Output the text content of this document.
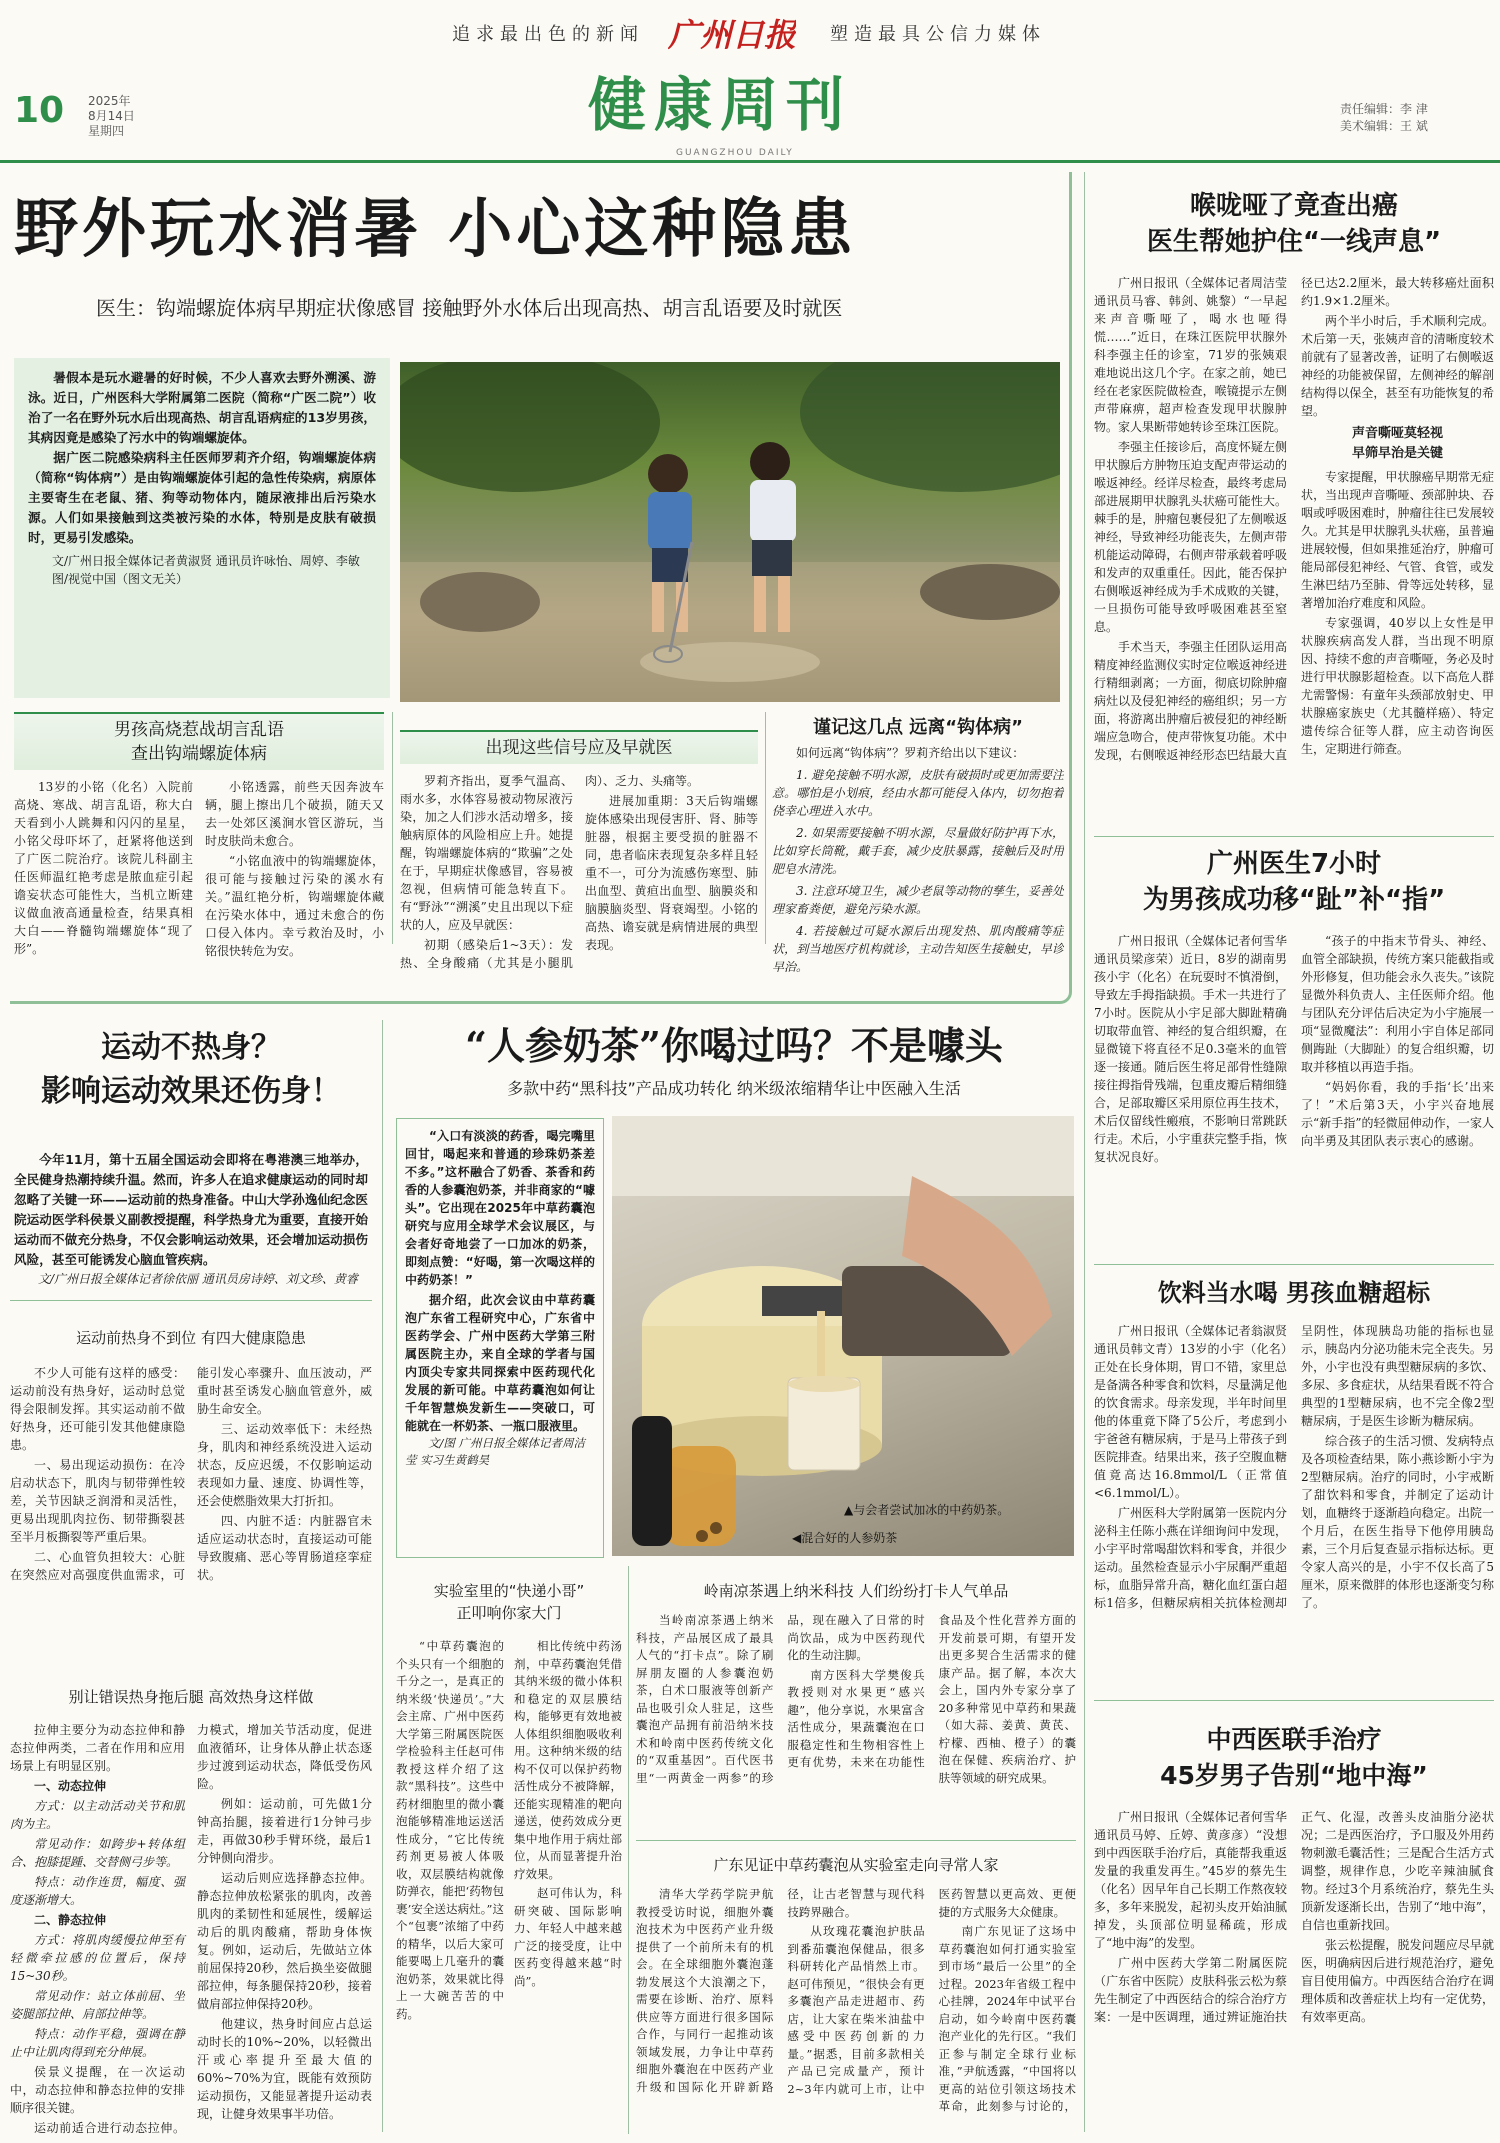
追求最出色的新闻 广州日报 塑造最具公信力媒体
10 2025年
8月14日
星期四	健康周刊
GUANGZHOU DAILY
责任编辑：李 津
美术编辑：王 斌
野外玩水消暑 小心这种隐患
医生：钩端螺旋体病早期症状像感冒 接触野外水体后出现高热、胡言乱语要及时就医

暑假本是玩水避暑的好时候，不少人喜欢去野外溯溪、游泳。近日，广州医科大学附属第二医院（简称“广医二院”）收治了一名在野外玩水后出现高热、胡言乱语病症的13岁男孩，其病因竟是感染了污水中的钩端螺旋体。

据广医二院感染病科主任医师罗莉齐介绍，钩端螺旋体病（简称“钩体病”）是由钩端螺旋体引起的急性传染病，病原体主要寄生在老鼠、猪、狗等动物体内，随尿液排出后污染水源。人们如果接触到这类被污染的水体，特别是皮肤有破损时，更易引发感染。

文/广州日报全媒体记者黄淑贤 通讯员许咏怡、周婷、李敏

图/视觉中国（图文无关）

男孩高烧惹战胡言乱语
查出钩端螺旋体病

13岁的小铭（化名）入院前高烧、寒战、胡言乱语，称大白天看到小人跳舞和闪闪的星星，小铭父母吓坏了，赶紧将他送到了广医二院治疗。该院儿科副主任医师温红艳考虑是脓血症引起谵妄状态可能性大，当机立断建议做血液高通量检查，结果真相大白——脊髓钩端螺旋体“现了形”。

小铭透露，前些天因奔波车辆，腿上擦出几个破损，随天又去一处郊区溪涧水管区游玩，当时皮肤尚未愈合。

“小铭血液中的钩端螺旋体，很可能与接触过污染的溪水有关。”温红艳分析，钩端螺旋体藏在污染水体中，通过未愈合的伤口侵入体内。幸亏救治及时，小铭很快转危为安。

出现这些信号应及早就医

罗莉齐指出，夏季气温高、雨水多，水体容易被动物尿液污染，加之人们涉水活动增多，接触病原体的风险相应上升。她提醒，钩端螺旋体病的“欺骗”之处在于，早期症状像感冒，容易被忽视，但病情可能急转直下。有“野泳”“溯溪”史且出现以下症状的人，应及早就医：

初期（感染后1~3天）：发热、全身酸痛（尤其是小腿肌肉）、乏力、头痛等。

进展加重期：3天后钩端螺旋体感染出现侵害肝、肾、肺等脏器，根据主要受损的脏器不同，患者临床表现复杂多样且轻重不一，可分为流感伤寒型、肺出血型、黄疸出血型、脑膜炎和脑膜脑炎型、肾衰竭型。小铭的高热、谵妄就是病情进展的典型表现。

谨记这几点 远离“钩体病”

如何远离“钩体病”？罗莉齐给出以下建议：

1. 避免接触不明水源，皮肤有破损时或更加需要注意。哪怕是小划痕，经由水都可能侵入体内，切勿抱着侥幸心理进入水中。

2. 如果需要接触不明水源，尽量做好防护再下水，比如穿长筒靴，戴手套，减少皮肤暴露，接触后及时用肥皂水清洗。

3. 注意环境卫生，减少老鼠等动物的孳生，妥善处理家畜粪便，避免污染水源。

4. 若接触过可疑水源后出现发热、肌肉酸痛等症状，到当地医疗机构就诊，主动告知医生接触史，早诊早治。

喉咙哑了竟查出癌
医生帮她护住“一线声息”

广州日报讯（全媒体记者周洁莹 通讯员马睿、韩剑、姚黎）“一早起来声音嘶哑了，喝水也哑得慌……”近日，在珠江医院甲状腺外科李强主任的诊室，71岁的张姨艰难地说出这几个字。在家之前，她已经在老家医院做检查，喉镜提示左侧声带麻痹，超声检查发现甲状腺肿物。家人果断带她转诊至珠江医院。

李强主任接诊后，高度怀疑左侧甲状腺后方肿物压迫支配声带运动的喉返神经。经详尽检查，最终考虑局部进展期甲状腺乳头状癌可能性大。棘手的是，肿瘤包裹侵犯了左侧喉返神经，导致神经功能丧失，左侧声带机能运动障碍，右侧声带承载着呼吸和发声的双重重任。因此，能否保护右侧喉返神经成为手术成败的关键，一旦损伤可能导致呼吸困难甚至窒息。

手术当天，李强主任团队运用高精度神经监测仪实时定位喉返神经进行精细剥离；一方面，彻底切除肿瘤病灶以及侵犯神经的癌组织；另一方面，将游离出肿瘤后被侵犯的神经断端应急吻合，使声带恢复功能。术中发现，右侧喉返神经形态巴结最大直径已达2.2厘米，最大转移癌灶面积约1.9×1.2厘米。

两个半小时后，手术顺利完成。术后第一天，张姨声音的清晰度较术前就有了显著改善，证明了右侧喉返神经的功能被保留，左侧神经的解剖结构得以保全，甚至有功能恢复的希望。

声音嘶哑莫轻视
早筛早治是关键

专家提醒，甲状腺癌早期常无症状，当出现声音嘶哑、颈部肿块、吞咽或呼吸困难时，肿瘤往往已发展较久。尤其是甲状腺乳头状癌，虽普遍进展较慢，但如果推延治疗，肿瘤可能局部侵犯神经、气管、食管，或发生淋巴结乃至肺、骨等远处转移，显著增加治疗难度和风险。

专家强调，40岁以上女性是甲状腺疾病高发人群，当出现不明原因、持续不愈的声音嘶哑，务必及时进行甲状腺影超检查。以下高危人群尤需警惕：有童年头颈部放射史、甲状腺癌家族史（尤其髓样癌）、特定遗传综合征等人群，应主动咨询医生，定期进行筛查。

广州医生7小时
为男孩成功移“趾”补“指”

广州日报讯（全媒体记者何雪华 通讯员梁彦荣）近日，8岁的湖南男孩小宇（化名）在玩耍时不慎滑倒，导致左手拇指缺损。手术一共进行了7小时。医院从小宇足部大脚趾精确切取带血管、神经的复合组织瓣，在显微镜下将直径不足0.3毫米的血管逐一接通。随后医生将足部骨性缝隙接往拇指骨残端，包重皮瓣后精细缝合，足部取瓣区采用原位再生技术，术后仅留线性瘢痕，不影响日常跳跃行走。术后，小宇重获完整手指，恢复状况良好。

“孩子的中指末节骨头、神经、血管全部缺损，传统方案只能截指或外形修复，但功能会永久丧失。”该院显微外科负责人、主任医师介绍。他与团队充分评估后决定为小宇施展一项“显微魔法”：利用小宇自体足部同侧踇趾（大脚趾）的复合组织瓣，切取并移植以再造手指。

“妈妈你看，我的手指‘长’出来了！”术后第3天，小宇兴奋地展示“新手指”的轻微屈伸动作，一家人向半勇及其团队表示衷心的感谢。

饮料当水喝 男孩血糖超标

广州日报讯（全媒体记者翁淑贤 通讯员韩文青）13岁的小宇（化名）正处在长身体期，胃口不错，家里总是备满各种零食和饮料，尽量满足他的饮食需求。母亲发现，半年时间里他的体重竟下降了5公斤，考虑到小宇爸爸有糖尿病，于是马上带孩子到医院排查。结果出来，孩子空腹血糖值竟高达16.8mmol/L（正常值<6.1mmol/L）。

广州医科大学附属第一医院内分泌科主任陈小燕在详细询问中发现，小宇平时常喝甜饮料和零食，并很少运动。虽然检查显示小宇尿酮严重超标，血脂异常升高，糖化血红蛋白超标1倍多，但糖尿病相关抗体检测却呈阴性，体现胰岛功能的指标也显示，胰岛内分泌功能未完全丧失。另外，小宇也没有典型糖尿病的多饮、多尿、多食症状，从结果看既不符合典型的1型糖尿病，也不完全像2型糖尿病，于是医生诊断为糖尿病。

综合孩子的生活习惯、发病特点及各项检查结果，陈小燕诊断小宇为2型糖尿病。治疗的同时，小宇戒断了甜饮料和零食，并制定了运动计划，血糖终于逐渐趋向稳定。出院一个月后，在医生指导下他停用胰岛素，三个月后复查显示指标达标。更令家人高兴的是，小宇不仅长高了5厘米，原来微胖的体形也逐渐变匀称了。

中西医联手治疗
45岁男子告别“地中海”

广州日报讯（全媒体记者何雪华 通讯员马婷、丘婷、黄彦彦）“没想到中西医联手治疗后，真能帮我重返发量的我重发再生。”45岁的蔡先生（化名）因早年自己长期工作熬夜较多，多年来脱发，起初头皮开始油腻掉发，头顶部位明显稀疏，形成了“地中海”的发型。

广州中医药大学第二附属医院（广东省中医院）皮肤科张云松为蔡先生制定了中西医结合的综合治疗方案：一是中医调理，通过辨证施治扶正气、化湿，改善头皮油脂分泌状况；二是西医治疗，予口服及外用药物刺激毛囊活性；三是配合生活方式调整，规律作息，少吃辛辣油腻食物。经过3个月系统治疗，蔡先生头顶新发逐渐长出，告别了“地中海”，自信也重新找回。

张云松提醒，脱发问题应尽早就医，明确病因后进行规范治疗，避免盲目使用偏方。中西医结合治疗在调理体质和改善症状上均有一定优势，有效率更高。

运动不热身？
影响运动效果还伤身！

今年11月，第十五届全国运动会即将在粤港澳三地举办，全民健身热潮持续升温。然而，许多人在追求健康运动的同时却忽略了关键一环——运动前的热身准备。中山大学孙逸仙纪念医院运动医学科侯景义副教授提醒，科学热身尤为重要，直接开始运动而不做充分热身，不仅会影响运动效果，还会增加运动损伤风险，甚至可能诱发心脑血管疾病。

文/广州日报全媒体记者徐依丽 通讯员房诗婷、刘文珍、黄睿

运动前热身不到位 有四大健康隐患

不少人可能有这样的感受：运动前没有热身好，运动时总觉得会限制发挥。其实运动前不做好热身，还可能引发其他健康隐患。

一、易出现运动损伤：在冷启动状态下，肌肉与韧带弹性较差，关节因缺乏润滑和灵活性，更易出现肌肉拉伤、韧带撕裂甚至半月板撕裂等严重后果。

二、心血管负担较大：心脏在突然应对高强度供血需求，可能引发心率骤升、血压波动，严重时甚至诱发心脑血管意外，威胁生命安全。

三、运动效率低下：未经热身，肌肉和神经系统没进入运动状态，反应迟缓，不仅影响运动表现如力量、速度、协调性等，还会使燃脂效果大打折扣。

四、内脏不适：内脏器官未适应运动状态时，直接运动可能导致腹痛、恶心等胃肠道痉挛症状。

别让错误热身拖后腿 高效热身这样做

拉伸主要分为动态拉伸和静态拉伸两类，二者在作用和应用场景上有明显区别。

一、动态拉伸

方式：以主动活动关节和肌肉为主。

常见动作：如跨步+转体组合、抱膝提踵、交替侧弓步等。

特点：动作连贯，幅度、强度逐渐增大。

二、静态拉伸

方式：将肌肉缓慢拉伸至有轻微牵拉感的位置后，保持15~30秒。

常见动作：站立体前屈、坐姿腿部拉伸、肩部拉伸等。

特点：动作平稳，强调在静止中让肌肉得到充分伸展。

侯景义提醒，在一次运动中，动态拉伸和静态拉伸的安排顺序很关键。

运动前适合进行动态拉伸。 力模式，增加关节活动度，促进血液循环，让身体从静止状态逐步过渡到运动状态，降低受伤风险。

例如：运动前，可先做1分钟高抬腿，接着进行1分钟弓步走，再做30秒手臂环绕，最后1分钟侧向滑步。

运动后则应选择静态拉伸。静态拉伸放松紧张的肌肉，改善肌肉的柔韧性和延展性，缓解运动后的肌肉酸痛，帮助身体恢复。例如，运动后，先做站立体前屈保持20秒，然后换坐姿做腿部拉伸，每条腿保持20秒，接着做肩部拉伸保持20秒。

他建议，热身时间应占总运动时长的10%~20%，以轻微出汗或心率提升至最大值的60%~70%为宜，既能有效预防运动损伤，又能显著提升运动表现，让健身效果事半功倍。

“人参奶茶”你喝过吗？不是噱头
多款中药“黑科技”产品成功转化 纳米级浓缩精华让中医融入生活

“入口有淡淡的药香，喝完嘴里回甘，喝起来和普通的珍珠奶茶差不多。”这杯融合了奶香、茶香和药香的人参囊泡奶茶，并非商家的“噱头”。它出现在2025年中草药囊泡研究与应用全球学术会议展区，与会者好奇地尝了一口加冰的奶茶，即刻点赞：“好喝，第一次喝这样的中药奶茶！”

据介绍，此次会议由中草药囊泡广东省工程研究中心，广东省中医药学会、广州中医药大学第三附属医院主办，来自全球的学者与国内顶尖专家共同探索中医药现代化发展的新可能。中草药囊泡如何让千年智慧焕发新生——突破口，可能就在一杯奶茶、一瓶口服液里。

文/图 广州日报全媒体记者周洁莹 实习生黄鹤昊

▲与会者尝试加冰的中药奶茶。
◀混合好的人参奶茶
实验室里的“快递小哥”
正叩响你家大门

“中草药囊泡的个头只有一个细胞的千分之一，是真正的纳米级‘快递员’。”大会主席、广州中医药大学第三附属医院医学检验科主任赵可伟教授这样介绍了这款“黑科技”。这些中药材细胞里的微小囊泡能够精准地运送活性成分，“它比传统药剂更易被人体吸收，双层膜结构就像防弹衣，能把‘药物包裹’安全送达病灶。”这个“包裹”浓缩了中药的精华，以后大家可能要喝上几毫升的囊泡奶茶，效果就比得上一大碗苦苦的中药。

相比传统中药汤剂，中草药囊泡凭借其纳米级的微小体积和稳定的双层膜结构，能够更有效地被人体组织细胞吸收利用。这种纳米级的结构不仅可以保护药物活性成分不被降解，还能实现精准的靶向递送，使药效成分更集中地作用于病灶部位，从而显著提升治疗效果。

赵可伟认为，科研突破、国际影响力、年轻人中越来越广泛的接受度，让中医药变得越来越“时尚”。

岭南凉茶遇上纳米科技 人们纷纷打卡人气单品

当岭南凉茶遇上纳米科技，产品展区成了最具人气的“打卡点”。除了刷屏朋友圈的人参囊泡奶茶，白术口服液等创新产品也吸引众人驻足，这些囊泡产品拥有前沿纳米技术和岭南中医药传统文化的“双重基因”。百代医书里“一两黄金一两参”的珍品，现在融入了日常的时尚饮品，成为中医药现代化的生动注脚。

南方医科大学樊俊兵教授则对水果更“感兴趣”，他分享说，水果富含活性成分，果蔬囊泡在口服稳定性和生物相容性上更有优势，未来在功能性食品及个性化营养方面的开发前景可期，有望开发出更多契合生活需求的健康产品。据了解，本次大会上，国内外专家分享了20多种常见中草药和果蔬（如大蒜、姜黄、黄芪、柠檬、西柚、橙子）的囊泡在保健、疾病治疗、护肤等领域的研究成果。

广东见证中草药囊泡从实验室走向寻常人家

清华大学药学院尹航教授受访时说，细胞外囊泡技术为中医药产业升级提供了一个前所未有的机会。在全球细胞外囊泡蓬勃发展这个大浪潮之下，需要在诊断、治疗、原料供应等方面进行很多国际合作，与同行一起推动该领域发展，力争让中草药细胞外囊泡在中医药产业升级和国际化开辟新路径，让古老智慧与现代科技跨界融合。

从玫瑰花囊泡护肤品到番茄囊泡保健品，很多科研转化产品悄然上市。赵可伟预见，“很快会有更多囊泡产品走进超市、药店，让大家在柴米油盐中感受中医药创新的力量。”据悉，目前多款相关产品已完成量产，预计2~3年内就可上市，让中医药智慧以更高效、更便捷的方式服务大众健康。

南广东见证了这场中草药囊泡如何打通实验室到市场“最后一公里”的全过程。2023年省级工程中心挂牌，2024年中试平台启动，如今岭南中医药囊泡产业化的先行区。“我们正参与制定全球行业标准，”尹航透露，“中国将以更高的站位引领这场技术革命，此刻参与讨论的，
